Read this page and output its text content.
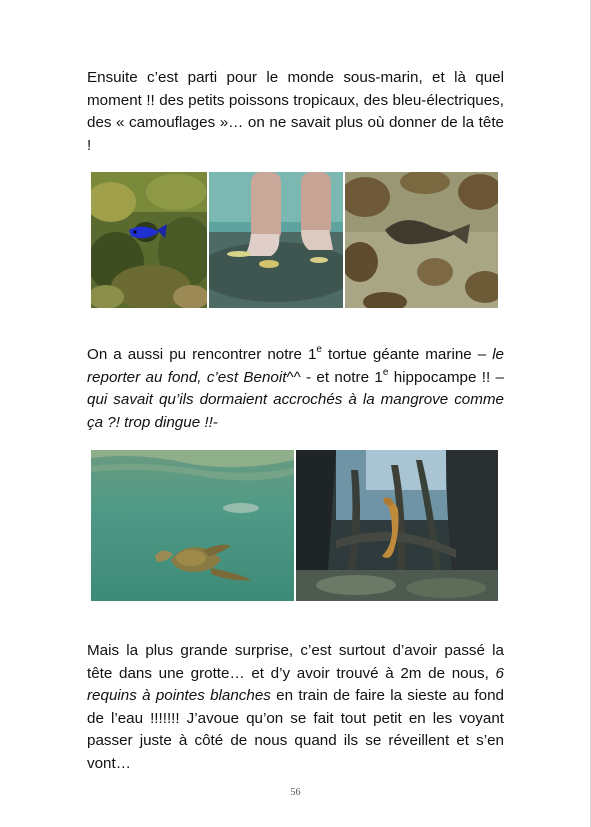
Ensuite c’est parti pour le monde sous-marin, et là quel moment !! des petits poissons tropicaux, des bleu-électriques, des « camouflages »… on ne savait plus où donner de la tête !

On a aussi pu rencontrer notre 1e tortue géante marine – le reporter au fond, c’est Benoit^^ - et notre 1e hippocampe !! – qui savait qu’ils dormaient accrochés à la mangrove comme ça ?! trop dingue !!-

Mais la plus grande surprise, c’est surtout d’avoir passé la tête dans une grotte… et d’y avoir trouvé à 2m de nous, 6 requins à pointes blanches en train de faire la sieste au fond de l’eau !!!!!!! J’avoue qu’on se fait tout petit en les voyant passer juste à côté de nous quand ils se réveillent et s’en vont…

56
